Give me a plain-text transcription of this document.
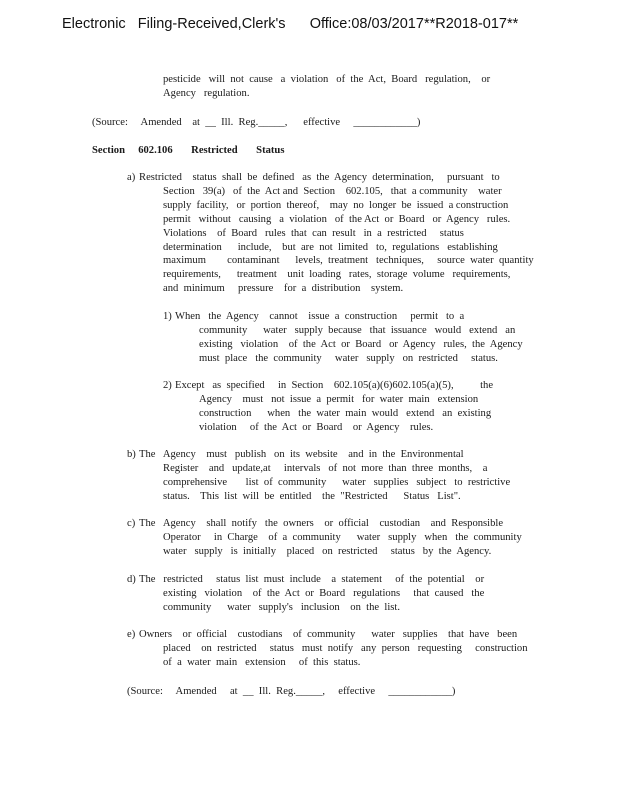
Electronic   Filing-Received,Clerk's      Office:08/03/2017**R2018-017**
pesticide   will  not  cause   a  violation   of  the  Act,  Board   regulation,    or
Agency   regulation.
(Source:     Amended    at  __  Ill.  Reg._____,      effective     ____________)
Section     602.106       Restricted       Status
a) Restricted    status  shall  be  defined   as  the  Agency  determination,     pursuant   to
Section   39(a)   of  the  Act and  Section    602.105,   that  a community    water
supply  facility,   or  portion  thereof,    may  no  longer  be  issued  a construction
permit   without   causing   a  violation   of  the Act  or  Board   or  Agency   rules.
Violations    of  Board   rules  that  can  result   in  a  restricted     status
determination      include,    but  are  not  limited   to,  regulations   establishing
maximum        contaminant      levels,  treatment   techniques,     source  water  quantity
requirements,      treatment    unit  loading   rates,  storage  volume   requirements,
and  minimum     pressure    for  a  distribution    system.
1) When   the  Agency    cannot    issue  a  construction     permit   to  a
community      water   supply  because   that  issuance   would   extend   an
existing   violation    of  the  Act  or  Board   or  Agency   rules,  the  Agency
must  place   the  community     water   supply   on  restricted     status.
2) Except   as  specified     in  Section    602.105(a)(6)602.105(a)(5),          the
Agency    must   not  issue  a  permit   for  water  main   extension
construction      when   the  water  main  would   extend   an  existing
violation     of  the  Act  or  Board    or  Agency    rules.
b) The   Agency    must   publish   on  its  website    and  in  the  Environmental
Register    and   update,at     intervals   of  not  more  than  three  months,    a
comprehensive       list  of  community      water   supplies   subject   to  restrictive
status.    This  list  will  be  entitled    the  "Restricted      Status   List".
c) The   Agency    shall  notify   the  owners    or  official    custodian    and  Responsible
Operator     in  Charge    of  a  community      water   supply   when   the  community
water   supply   is  initially    placed   on  restricted     status   by  the  Agency.
d) The   restricted     status  list  must  include    a  statement     of  the  potential    or
existing   violation    of  the  Act  or  Board   regulations     that  caused   the
community      water   supply's   inclusion    on  the  list.
e) Owners    or  official    custodians    of  community      water   supplies    that  have   been
placed    on  restricted     status   must  notify   any  person   requesting     construction
of  a  water  main   extension     of  this  status.
(Source:     Amended     at  __  Ill.  Reg._____,     effective     ____________)
